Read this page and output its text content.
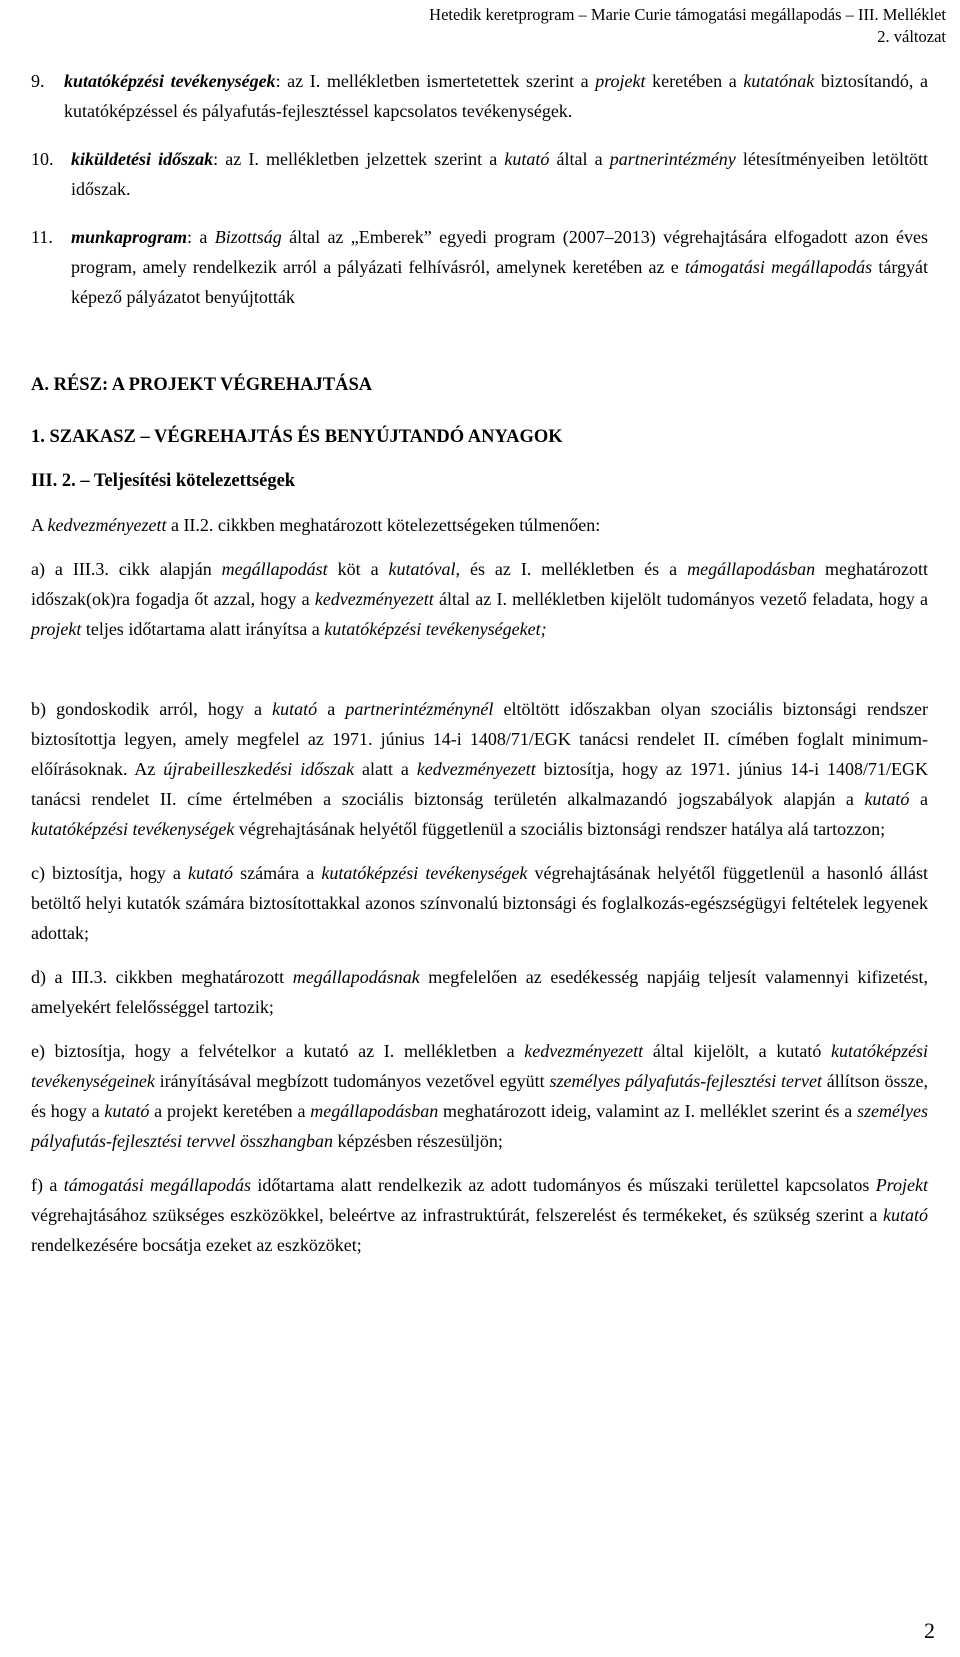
Hetedik keretprogram – Marie Curie támogatási megállapodás – III. Melléklet
2. változat
9.	kutatóképzési tevékenységek: az I. mellékletben ismertetettek szerint a projekt keretében a kutatónak biztosítandó, a kutatóképzéssel és pályafutás-fejlesztéssel kapcsolatos tevékenységek.

10. kiküldetési időszak: az I. mellékletben jelzettek szerint a kutató által a partnerintézmény létesítményeiben letöltött időszak.

11.	munkaprogram: a Bizottság által az „Emberek” egyedi program (2007–2013) végrehajtására elfogadott azon éves program, amely rendelkezik arról a pályázati felhívásról, amelynek keretében az e támogatási megállapodás tárgyát képező pályázatot benyújtották

A. RÉSZ: A PROJEKT VÉGREHAJTÁSA

1. SZAKASZ – VÉGREHAJTÁS ÉS BENYÚJTANDÓ ANYAGOK

III. 2. – Teljesítési kötelezettségek

A kedvezményezett a II.2. cikkben meghatározott kötelezettségeken túlmenően:

a) a III.3. cikk alapján megállapodást köt a kutatóval, és az I. mellékletben és a megállapodásban meghatározott időszak(ok)ra fogadja őt azzal, hogy a kedvezményezett által az I. mellékletben kijelölt tudományos vezető feladata, hogy a projekt teljes időtartama alatt irányítsa a kutatóképzési tevékenységeket;

b) gondoskodik arról, hogy a kutató a partnerintézménynél eltöltött időszakban olyan szociális biztonsági rendszer biztosítottja legyen, amely megfelel az 1971. június 14-i 1408/71/EGK tanácsi rendelet II. címében foglalt minimum-előírásoknak. Az újrabeilleszkedési időszak alatt a kedvezményezett biztosítja, hogy az 1971. június 14-i 1408/71/EGK tanácsi rendelet II. címe értelmében a szociális biztonság területén alkalmazandó jogszabályok alapján a kutató a kutatóképzési tevékenységek végrehajtásának helyétől függetlenül a szociális biztonsági rendszer hatálya alá tartozzon;

c) biztosítja, hogy a kutató számára a kutatóképzési tevékenységek végrehajtásának helyétől függetlenül a hasonló állást betöltő helyi kutatók számára biztosítottakkal azonos színvonalú biztonsági és foglalkozás-egészségügyi feltételek legyenek adottak;

d) a III.3. cikkben meghatározott megállapodásnak megfelelően az esedékesség napjáig teljesít valamennyi kifizetést, amelyekért felelősséggel tartozik;

e) biztosítja, hogy a felvételkor a kutató az I. mellékletben a kedvezményezett által kijelölt, a kutató kutatóképzési tevékenységeinek irányításával megbízott tudományos vezetővel együtt személyes pályafutás-fejlesztési tervet állítson össze, és hogy a kutató a projekt keretében a megállapodásban meghatározott ideig, valamint az I. melléklet szerint és a személyes pályafutás-fejlesztési tervvel összhangban képzésben részesüljön;

f) a támogatási megállapodás időtartama alatt rendelkezik az adott tudományos és műszaki területtel kapcsolatos Projekt végrehajtásához szükséges eszközökkel, beleértve az infrastruktúrát, felszerelést és termékeket, és szükség szerint a kutató rendelkezésére bocsátja ezeket az eszközöket;

2
